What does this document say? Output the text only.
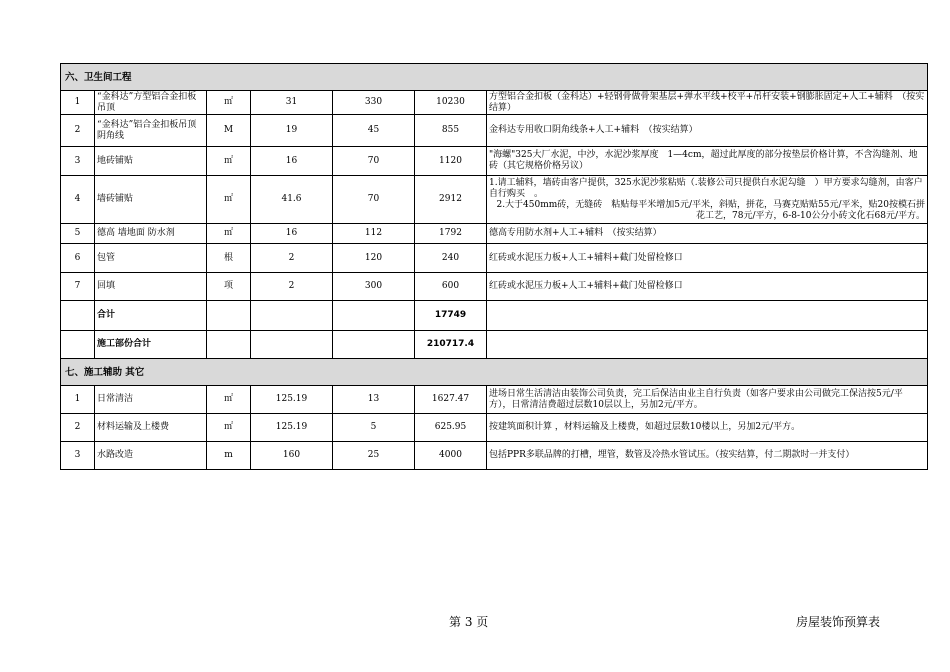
六、卫生间工程						
1	“金科达”方型铝合金扣板吊顶	㎡	31	330	10230	方型铝合金扣板（金科达）+轻钢骨做骨架基层+弹水平线+校平+吊杆安装+钢膨胀固定+人工+辅料　（按实结算）
2	“金科达”铝合金扣板吊顶阴角线	M	19	45	855	金科达专用收口阴角线条+人工+辅料　（按实结算）
3	地砖铺贴	㎡	16	70	1120	"海螺"325大厂水泥，中沙，水泥沙浆厚度　1—4cm，超过此厚度的部分按垫层价格计算，不含沟缝剂、地砖（其它规格价格另议）
4	墙砖铺贴	㎡	41.6	70	2912	1.请工辅料，墙砖由客户提供，325水泥沙浆粘贴（.装修公司只提供白水泥勾缝　）甲方要求勾缝剂，由客户自行购买　。
2.大于450mm砖，无缝砖　粘贴每平米增加5元/平米，斜贴，拼花，马赛克贴贴55元/平米，贴20按模石拼花工艺，78元/平方，6-8-10公分小砖文化石68元/平方。

5	德高 墙地面 防水剂	㎡	16	112	1792	德高专用防水剂+人工+辅料　（按实结算）
6	包管	根	2	120	240	红砖或水泥压力板+人工+辅料+截门处留检修口
7	回填	项	2	300	600	红砖或水泥压力板+人工+辅料+截门处留检修口
	合计				17749	
	施工部份合计				210717.4	
七、施工辅助 其它						
1	日常清洁	㎡	125.19	13	1627.47	进场日常生活清洁由装饰公司负责，完工后保洁由业主自行负责（如客户要求由公司做完工保洁按5元/平方），日常清洁费超过层数10层以上，另加2元/平方。
2	材料运输及上楼费	㎡	125.19	5	625.95	按建筑面积计算 ，材料运输及上楼费，如超过层数10楼以上，另加2元/平方。
3	水路改造	m	160	25	4000	包括PPR多联品牌的打槽，埋管，数管及冷热水管试压。（按实结算，付二期款时一并支付）
第 3 页	房屋装饰预算表
